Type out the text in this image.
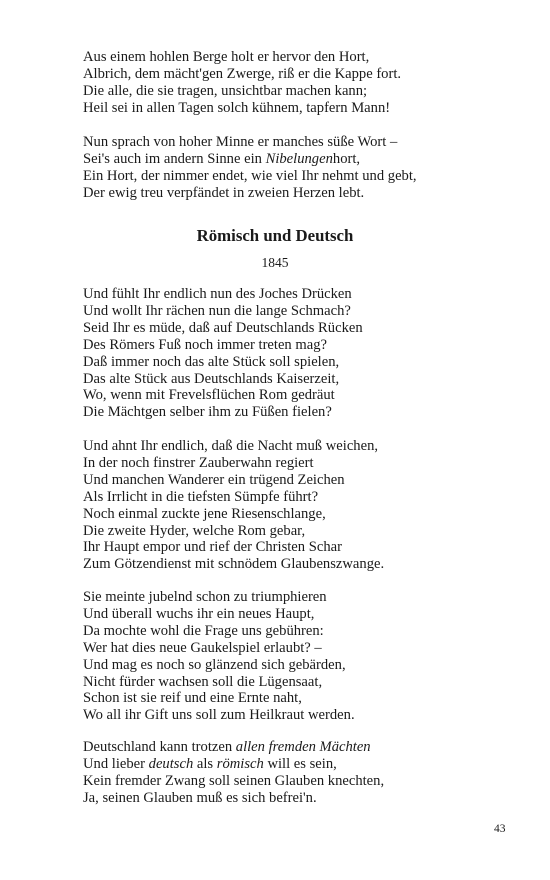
Aus einem hohlen Berge holt er hervor den Hort,
Albrich, dem mächt'gen Zwerge, riß er die Kappe fort.
Die alle, die sie tragen, unsichtbar machen kann;
Heil sei in allen Tagen solch kühnem, tapfern Mann!
Nun sprach von hoher Minne er manches süße Wort –
Sei's auch im andern Sinne ein Nibelungenhort,
Ein Hort, der nimmer endet, wie viel Ihr nehmt und gebt,
Der ewig treu verpfändet in zweien Herzen lebt.
Römisch und Deutsch
1845
Und fühlt Ihr endlich nun des Joches Drücken
Und wollt Ihr rächen nun die lange Schmach?
Seid Ihr es müde, daß auf Deutschlands Rücken
Des Römers Fuß noch immer treten mag?
Daß immer noch das alte Stück soll spielen,
Das alte Stück aus Deutschlands Kaiserzeit,
Wo, wenn mit Frevelsflüchen Rom gedräut
Die Mächtgen selber ihm zu Füßen fielen?
Und ahnt Ihr endlich, daß die Nacht muß weichen,
In der noch finstrer Zauberwahn regiert
Und manchen Wanderer ein trügend Zeichen
Als Irrlicht in die tiefsten Sümpfe führt?
Noch einmal zuckte jene Riesenschlange,
Die zweite Hyder, welche Rom gebar,
Ihr Haupt empor und rief der Christen Schar
Zum Götzendienst mit schnödem Glaubenszwange.
Sie meinte jubelnd schon zu triumphieren
Und überall wuchs ihr ein neues Haupt,
Da mochte wohl die Frage uns gebühren:
Wer hat dies neue Gaukelspiel erlaubt? –
Und mag es noch so glänzend sich gebärden,
Nicht fürder wachsen soll die Lügensaat,
Schon ist sie reif und eine Ernte naht,
Wo all ihr Gift uns soll zum Heilkraut werden.
Deutschland kann trotzen allen fremden Mächten
Und lieber deutsch als römisch will es sein,
Kein fremder Zwang soll seinen Glauben knechten,
Ja, seinen Glauben muß es sich befrei'n.
43
